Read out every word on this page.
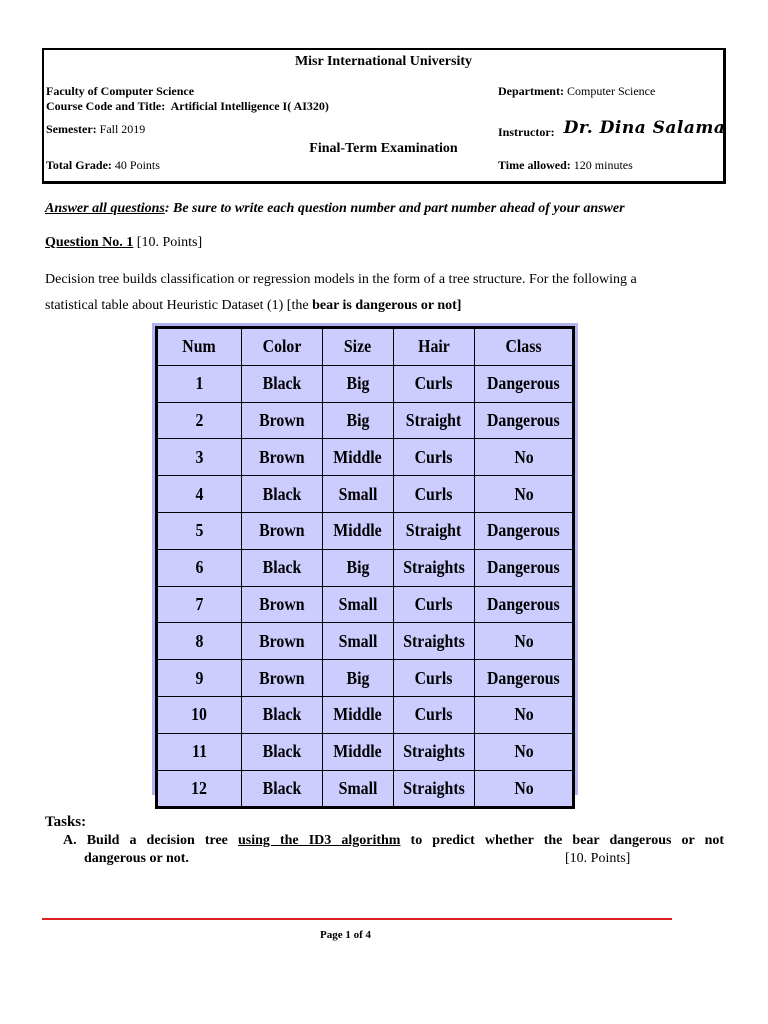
Misr International University
Faculty of Computer Science
Course Code and Title:  Artificial Intelligence I( AI320)
Department: Computer Science
Semester: Fall 2019	Instructor: Dr. Dina Salama
Final-Term Examination
Total Grade: 40 Points	Time allowed: 120 minutes
Answer all questions: Be sure to write each question number and part number ahead of your answer
Question No. 1 [10. Points]
Decision tree builds classification or regression models in the form of a tree structure. For the following a
statistical table about Heuristic Dataset (1) [the bear is dangerous or not]
Num	Color	Size	Hair	Class
1	Black	Big	Curls	Dangerous
2	Brown	Big	Straight	Dangerous
3	Brown	Middle	Curls	No
4	Black	Small	Curls	No
5	Brown	Middle	Straight	Dangerous
6	Black	Big	Straights	Dangerous
7	Brown	Small	Curls	Dangerous
8	Brown	Small	Straights	No
9	Brown	Big	Curls	Dangerous
10	Black	Middle	Curls	No
11	Black	Middle	Straights	No
12	Black	Small	Straights	No
Tasks:
A. Build a decision tree using the ID3 algorithm to predict whether the bear dangerous or not
dangerous or not.	[10. Points]
Page 1 of 4
